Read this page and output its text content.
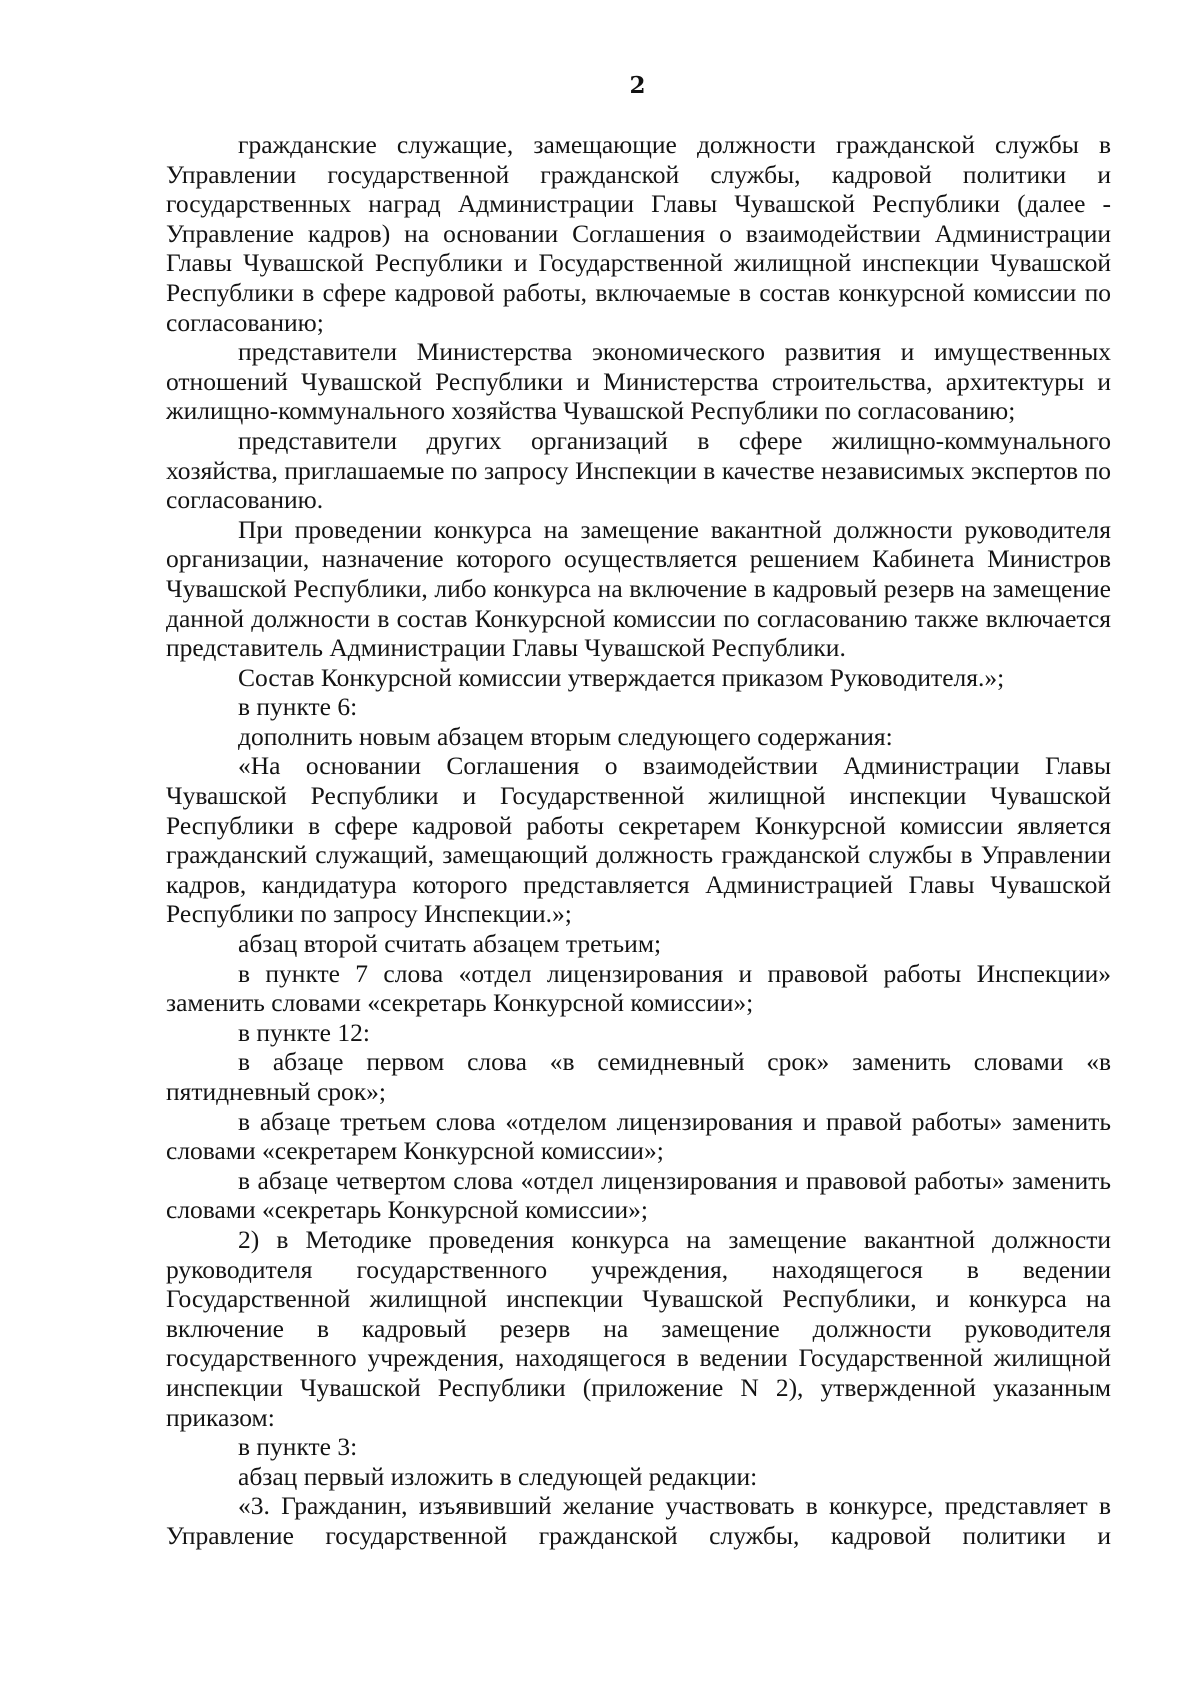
2

гражданские служащие, замещающие должности гражданской службы в Управлении государственной гражданской службы, кадровой политики и государственных наград Администрации Главы Чувашской Республики (далее - Управление кадров) на основании Соглашения о взаимодействии Администрации Главы Чувашской Республики и Государственной жилищной инспекции Чувашской Республики в сфере кадровой работы, включаемые в состав конкурсной комиссии по согласованию;

представители Министерства экономического развития и имущественных отношений Чувашской Республики и Министерства строительства, архитектуры и жилищно-коммунального хозяйства Чувашской Республики по согласованию;

представители других организаций в сфере жилищно-коммунального хозяйства, приглашаемые по запросу Инспекции в качестве независимых экспертов по согласованию.

При проведении конкурса на замещение вакантной должности руководителя организации, назначение которого осуществляется решением Кабинета Министров Чувашской Республики, либо конкурса на включение в кадровый резерв на замещение данной должности в состав Конкурсной комиссии по согласованию также включается представитель Администрации Главы Чувашской Республики.

Состав Конкурсной комиссии утверждается приказом Руководителя.»;

в пункте 6:

дополнить новым абзацем вторым следующего содержания:

«На основании Соглашения о взаимодействии Администрации Главы Чувашской Республики и Государственной жилищной инспекции Чувашской Республики в сфере кадровой работы секретарем Конкурсной комиссии является гражданский служащий, замещающий должность гражданской службы в Управлении кадров, кандидатура которого представляется Администрацией Главы Чувашской Республики по запросу Инспекции.»;

абзац второй считать абзацем третьим;

в пункте 7 слова «отдел лицензирования и правовой работы Инспекции» заменить словами «секретарь Конкурсной комиссии»;

в пункте 12:

в абзаце первом слова «в семидневный срок» заменить словами «в пятидневный срок»;

в абзаце третьем слова «отделом лицензирования и правой работы» заменить словами «секретарем Конкурсной комиссии»;

в абзаце четвертом слова «отдел лицензирования и правовой работы» заменить словами «секретарь Конкурсной комиссии»;

2) в Методике проведения конкурса на замещение вакантной должности руководителя государственного учреждения, находящегося в ведении Государственной жилищной инспекции Чувашской Республики, и конкурса на включение в кадровый резерв на замещение должности руководителя государственного учреждения, находящегося в ведении Государственной жилищной инспекции Чувашской Республики (приложение N 2), утвержденной указанным приказом:

в пункте 3:

абзац первый изложить в следующей редакции:

«3. Гражданин, изъявивший желание участвовать в конкурсе, представляет в Управление государственной гражданской службы, кадровой политики и
